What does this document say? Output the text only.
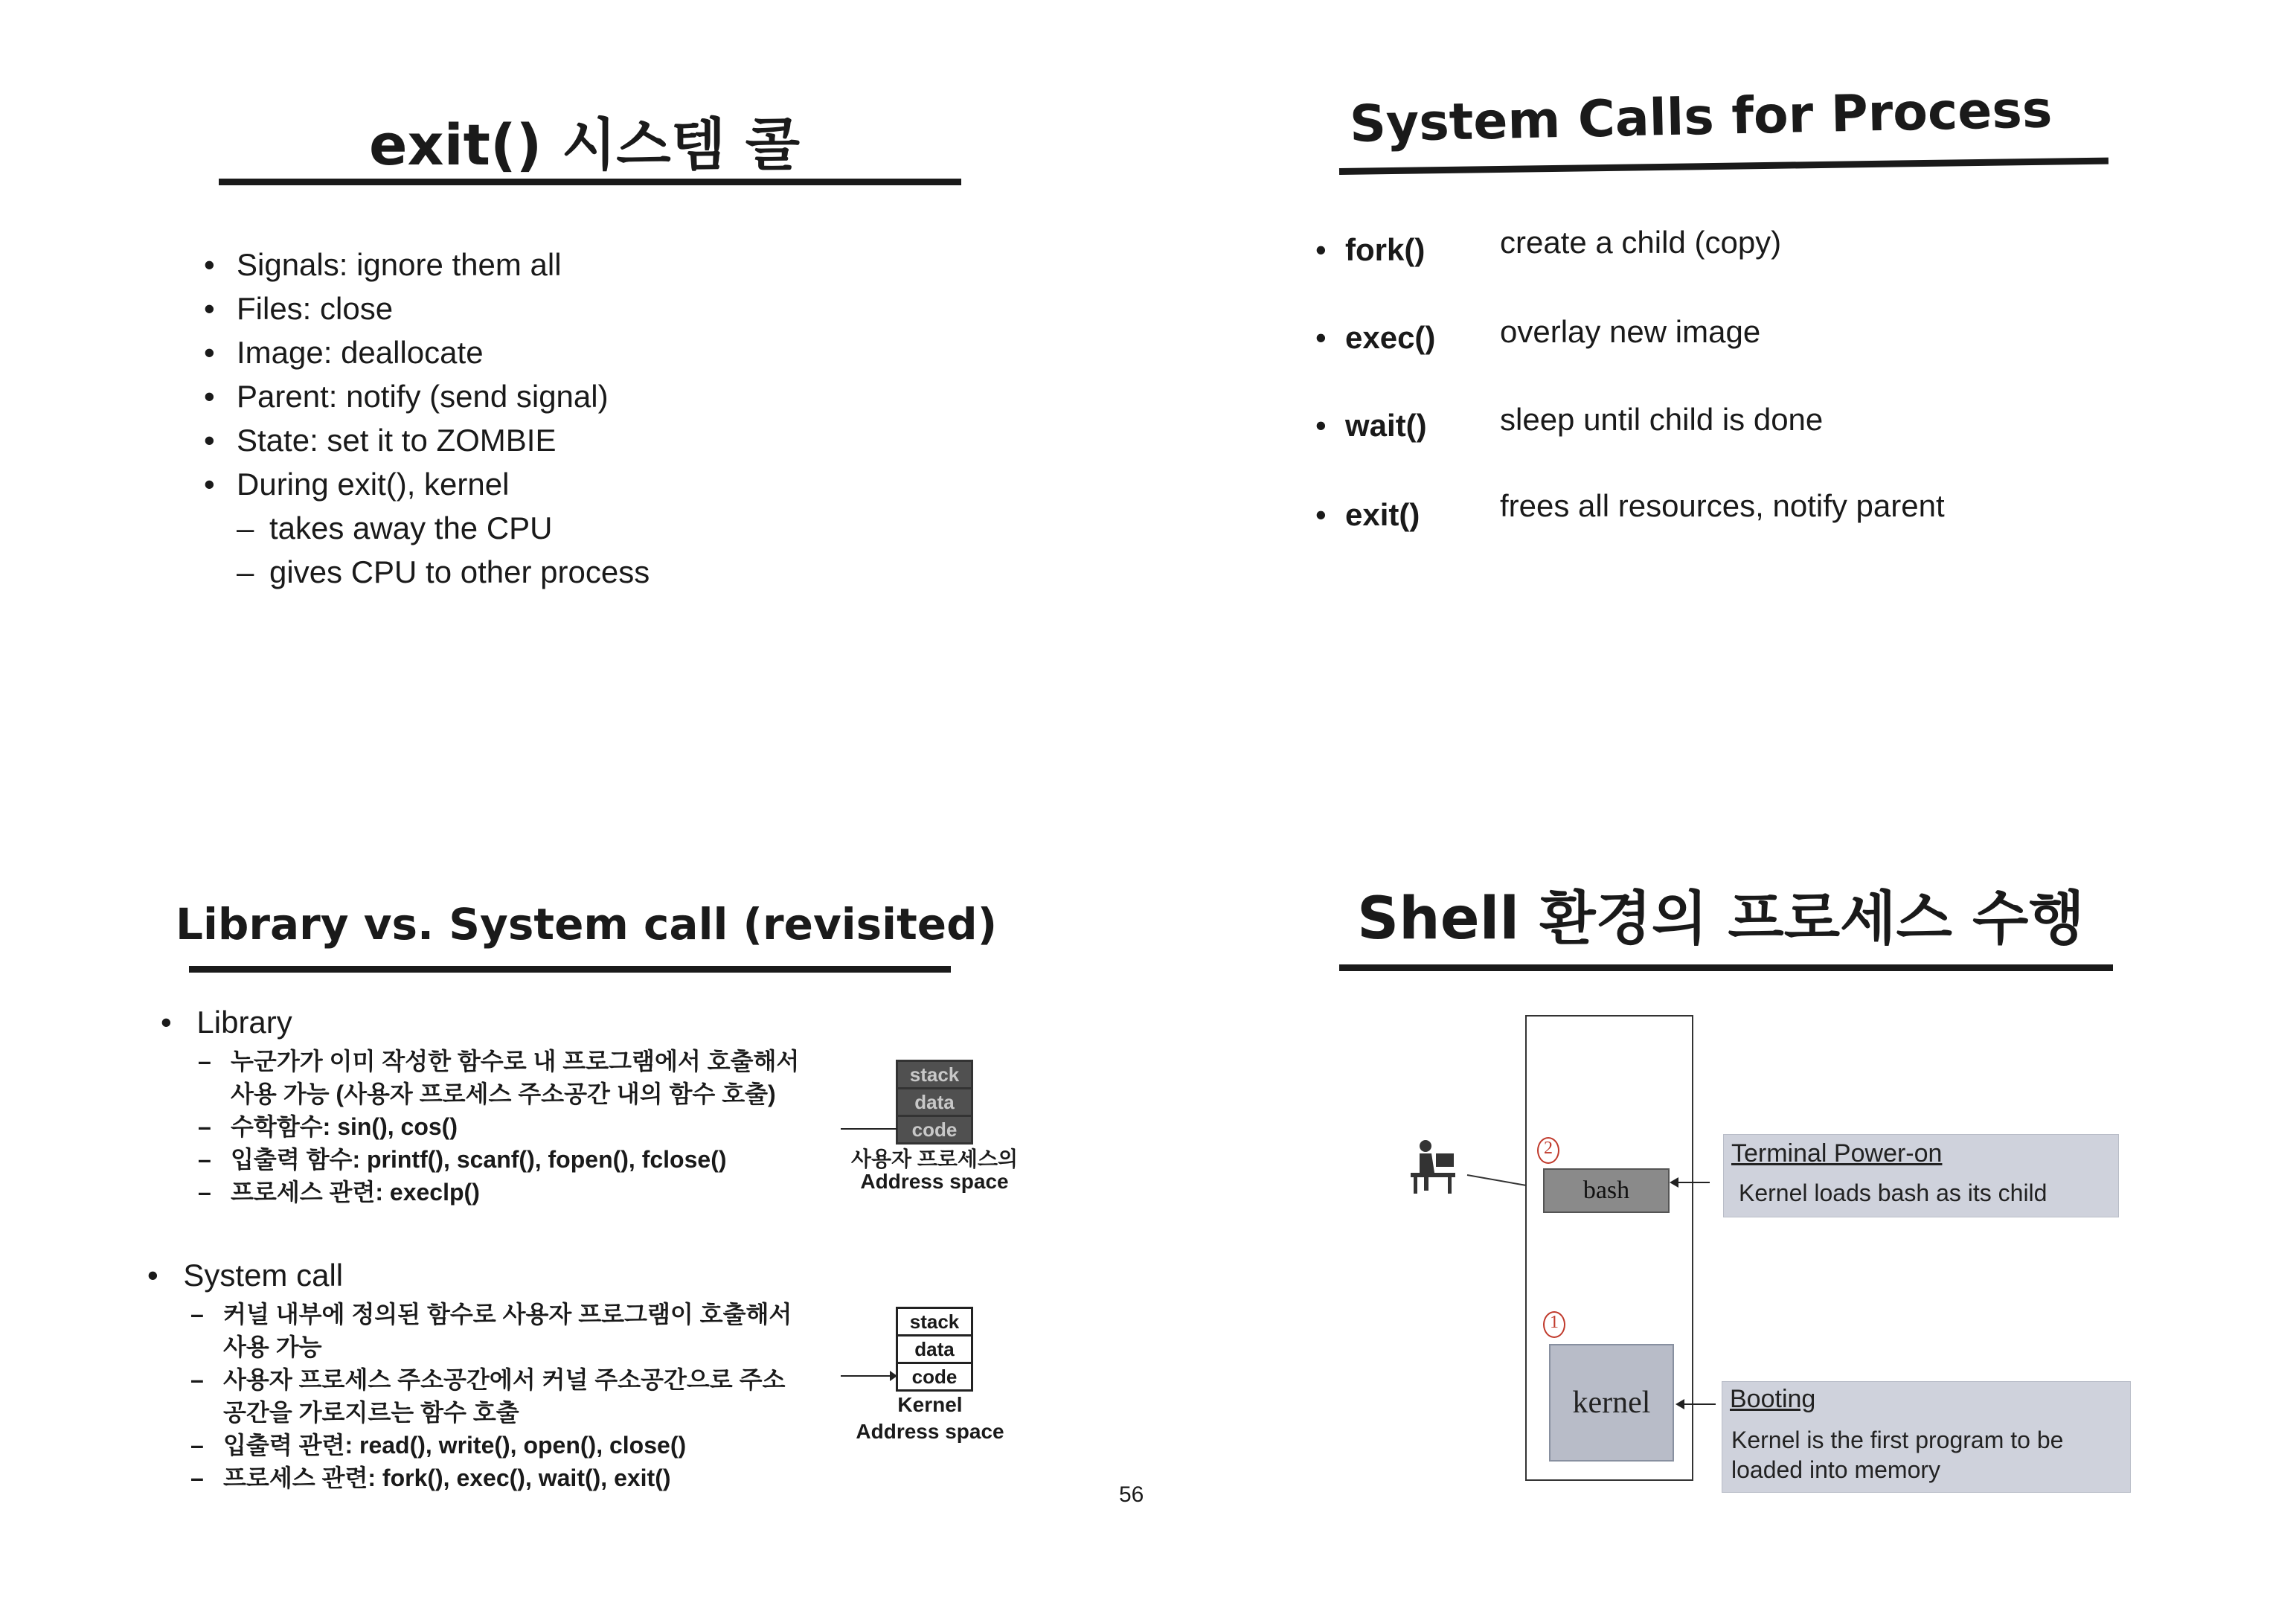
exit() 시스템 콜
• Signals: ignore them all
• Files: close
• Image: deallocate
• Parent: notify (send signal)
• State: set it to ZOMBIE
• During exit(), kernel
– takes away the CPU
– gives CPU to other process
System Calls for Process
• fork() create a child (copy)
• exec() overlay new image
• wait() sleep until child is done
• exit()	frees all resources, notify parent
Library vs. System call (revisited)
• Library
– 누군가가 이미 작성한 함수로 내 프로그램에서 호출해서
사용 가능 (사용자 프로세스 주소공간 내의 함수 호출)
– 수학함수: sin(), cos()
– 입출력 함수: printf(), scanf(), fopen(), fclose()
– 프로세스 관련: execlp()
stack
data
code
사용자 프로세스의
Address space
• System call
– 커널 내부에 정의된 함수로 사용자 프로그램이 호출해서
사용 가능
– 사용자 프로세스 주소공간에서 커널 주소공간으로 주소
공간을 가로지르는 함수 호출
– 입출력 관련: read(), write(), open(), close()
– 프로세스 관련: fork(), exec(), wait(), exit()
stack
data
code
Kernel
Address space
56
Shell 환경의 프로세스 수행
2
bash
1
kernel
Terminal Power-on
Kernel loads bash as its child
Booting
Kernel is the first program to be
loaded into memory
